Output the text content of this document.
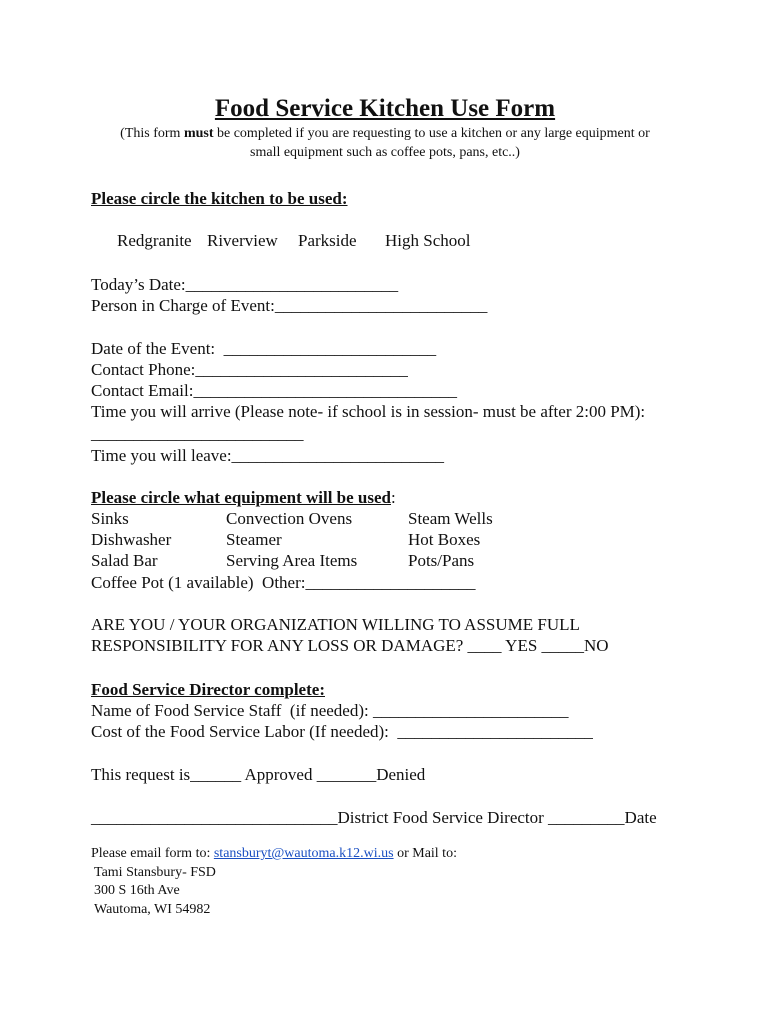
Food Service Kitchen Use Form
(This form must be completed if you are requesting to use a kitchen or any large equipment or
small equipment such as coffee pots, pans, etc..)
Please circle the kitchen to be used:
Redgranite Riverview Parkside High School
Today’s Date:_________________________
Person in Charge of Event:_________________________
Date of the Event:  _________________________
Contact Phone:_________________________
Contact Email:_______________________________
Time you will arrive (Please note- if school is in session- must be after 2:00 PM):
_________________________
Time you will leave:_________________________
Please circle what equipment will be used:
Sinks	Convection Ovens	Steam Wells
Dishwasher	Steamer	Hot Boxes
Salad Bar	Serving Area Items	Pots/Pans
Coffee Pot (1 available)  Other:____________________
ARE YOU / YOUR ORGANIZATION WILLING TO ASSUME FULL
RESPONSIBILITY FOR ANY LOSS OR DAMAGE? ____ YES _____NO
Food Service Director complete:
Name of Food Service Staff  (if needed): _______________________
Cost of the Food Service Labor (If needed):  _______________________
This request is______ Approved _______Denied
_____________________________District Food Service Director _________Date
Please email form to: stansburyt@wautoma.k12.wi.us or Mail to:
Tami Stansbury- FSD
300 S 16th Ave
Wautoma, WI 54982
